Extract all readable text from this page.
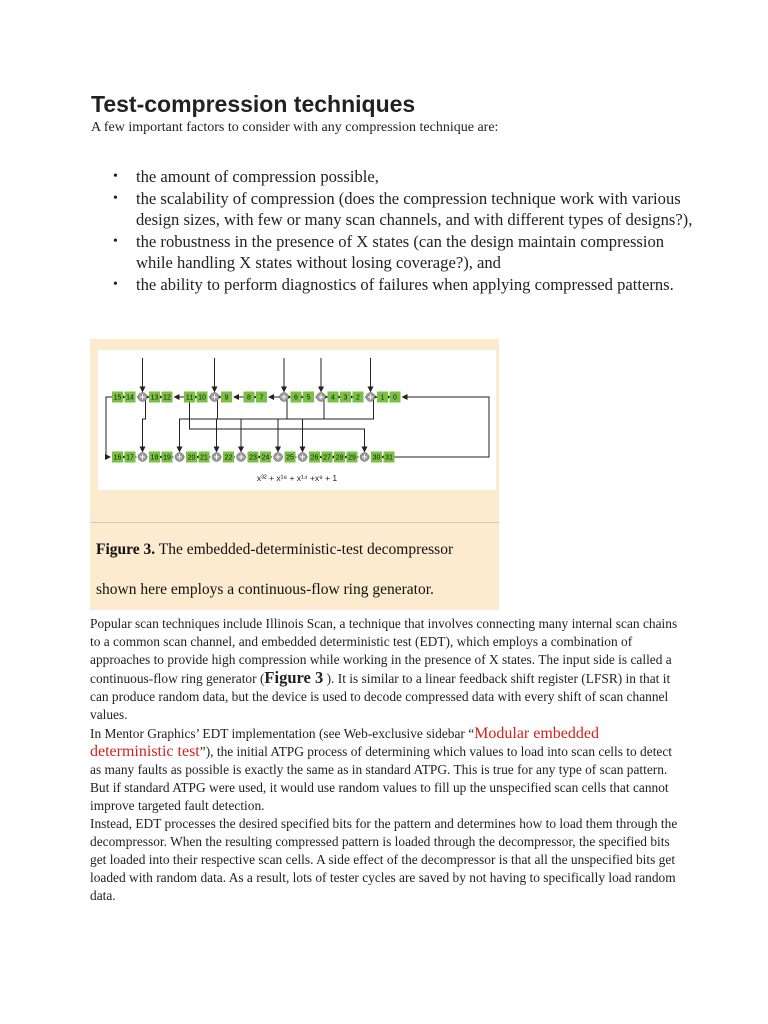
Test-compression techniques

A few important factors to consider with any compression technique are:

• the amount of compression possible,
• the scalability of compression (does the compression technique work with various design sizes, with few or many scan channels, and with different types of designs?),
• the robustness in the presence of X states (can the design maintain compression while handling X states without losing coverage?), and
• the ability to perform diagnostics of failures when applying compressed patterns.
15 14 13 12 11 10	9	8 7	6 5	4 3 2	1 0
16 17 18 19 20 21 22 23 24 25 26 27 28 29 30 31
x³² + x¹⁸ + x¹⁴ +x⁹ + 1

Figure 3. The embedded-deterministic-test decompressor shown here employs a continuous-flow ring generator.

Popular scan techniques include Illinois Scan, a technique that involves connecting many internal scan chains to a common scan channel, and embedded deterministic test (EDT), which employs a combination of approaches to provide high compression while working in the presence of X states. The input side is called a continuous-flow ring generator (Figure 3 ). It is similar to a linear feedback shift register (LFSR) in that it can produce random data, but the device is used to decode compressed data with every shift of scan channel values.

In Mentor Graphics’ EDT implementation (see Web-exclusive sidebar “Modular embedded deterministic test”), the initial ATPG process of determining which values to load into scan cells to detect as many faults as possible is exactly the same as in standard ATPG. This is true for any type of scan pattern. But if standard ATPG were used, it would use random values to fill up the unspecified scan cells that cannot improve targeted fault detection.

Instead, EDT processes the desired specified bits for the pattern and determines how to load them through the decompressor. When the resulting compressed pattern is loaded through the decompressor, the specified bits get loaded into their respective scan cells. A side effect of the decompressor is that all the unspecified bits get loaded with random data. As a result, lots of tester cycles are saved by not having to specifically load random data.
